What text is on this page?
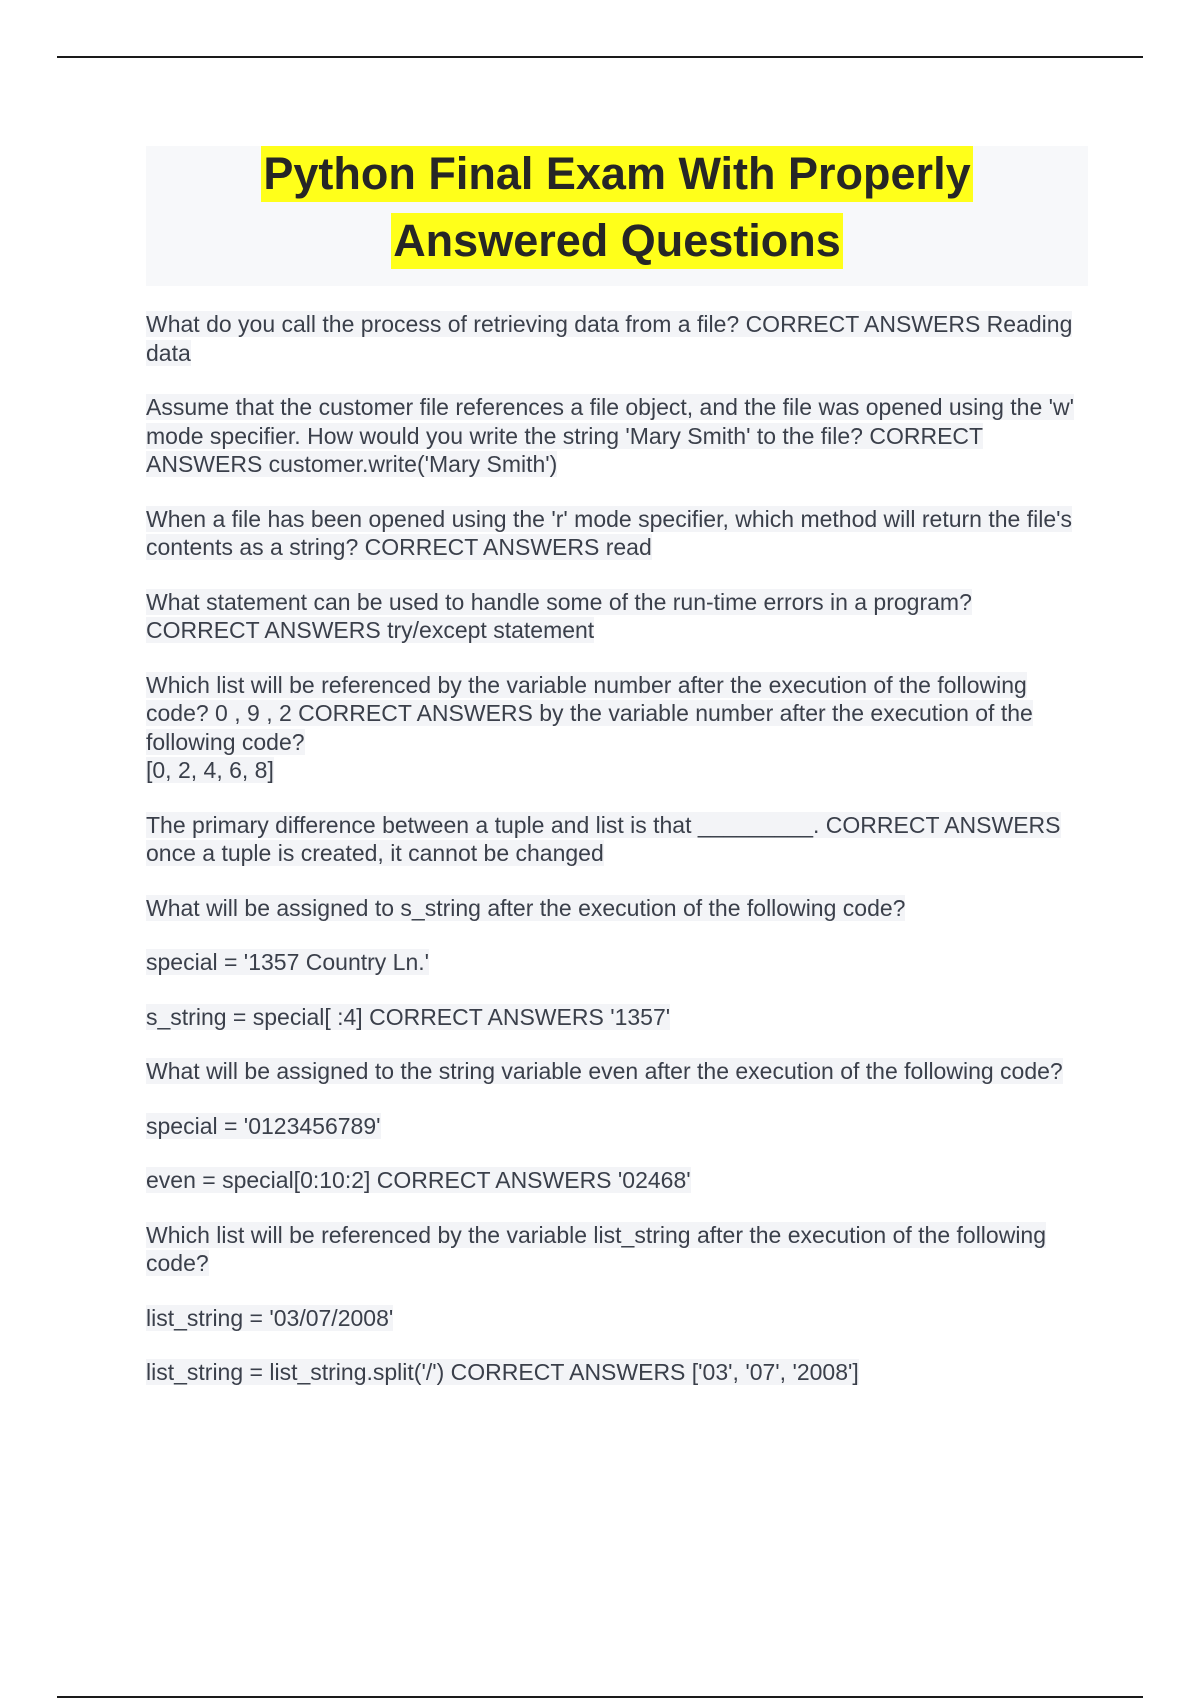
Python Final Exam With Properly
Answered Questions
What do you call the process of retrieving data from a file? CORRECT ANSWERS Reading data
Assume that the customer file references a file object, and the file was opened using the 'w' mode specifier. How would you write the string 'Mary Smith' to the file? CORRECT ANSWERS customer.write('Mary Smith')
When a file has been opened using the 'r' mode specifier, which method will return the file's contents as a string? CORRECT ANSWERS read
What statement can be used to handle some of the run-time errors in a program? CORRECT ANSWERS try/except statement
Which list will be referenced by the variable number after the execution of the following code? 0 , 9 , 2 CORRECT ANSWERS by the variable number after the execution of the following code?
[0, 2, 4, 6, 8]
The primary difference between a tuple and list is that _________. CORRECT ANSWERS once a tuple is created, it cannot be changed
What will be assigned to s_string after the execution of the following code?
special = '1357 Country Ln.'
s_string = special[ :4] CORRECT ANSWERS '1357'
What will be assigned to the string variable even after the execution of the following code?
special = '0123456789'
even = special[0:10:2] CORRECT ANSWERS '02468'
Which list will be referenced by the variable list_string after the execution of the following code?
list_string = '03/07/2008'
list_string = list_string.split('/') CORRECT ANSWERS ['03', '07', '2008']
